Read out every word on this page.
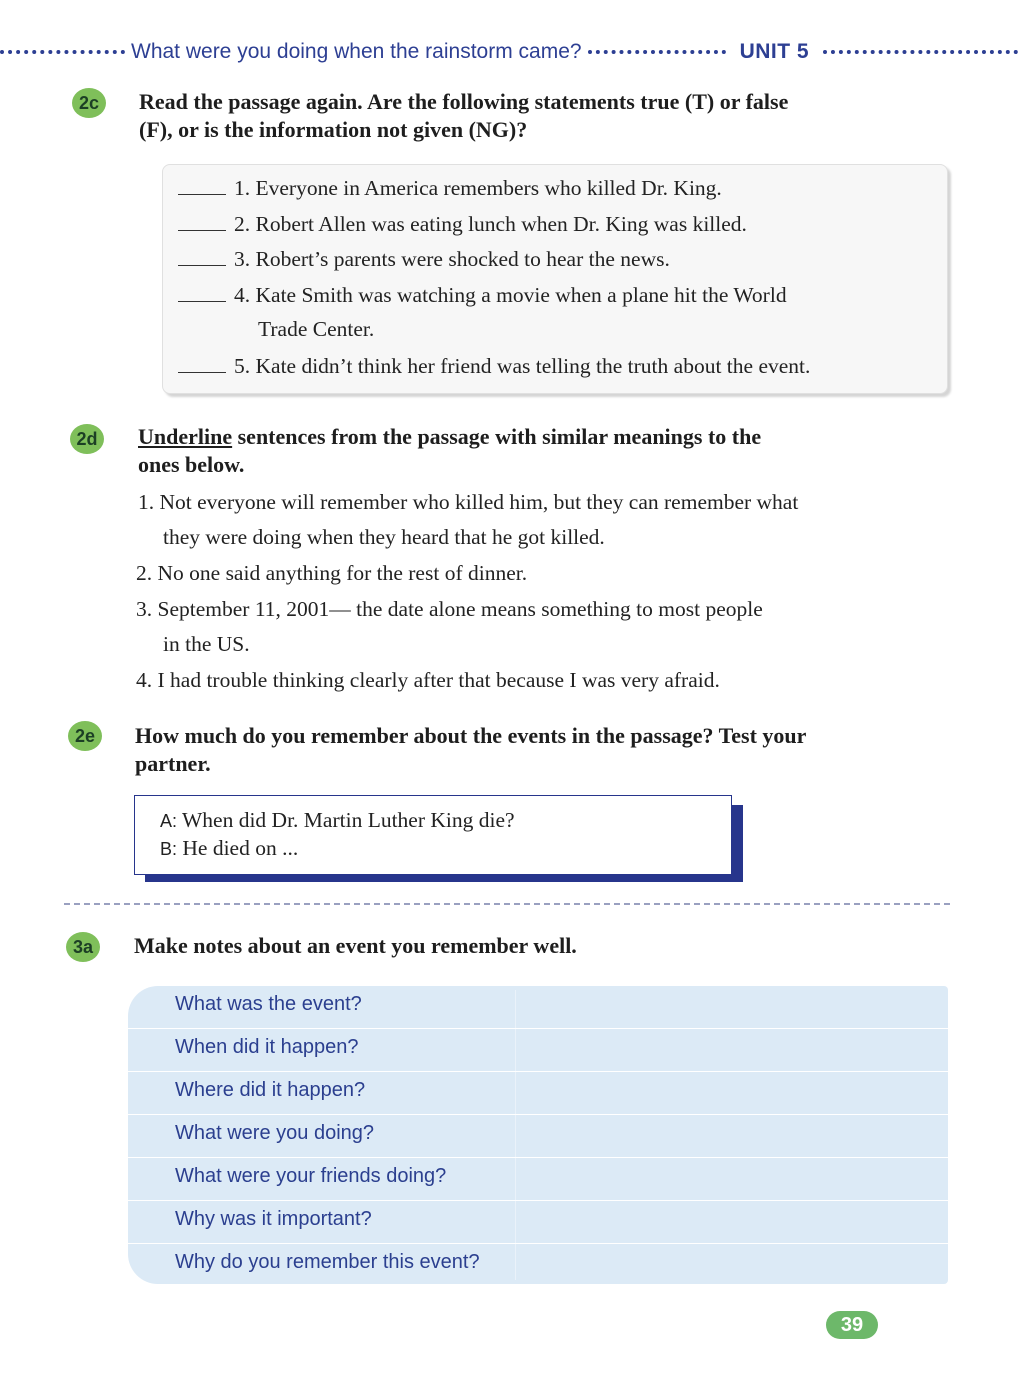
What were you doing when the rainstorm came?	UNIT 5
2c	Read the passage again. Are the following statements true (T) or false
(F), or is the information not given (NG)?
1. Everyone in America remembers who killed Dr. King.
2. Robert Allen was eating lunch when Dr. King was killed.
3. Robert’s parents were shocked to hear the news.
4. Kate Smith was watching a movie when a plane hit the World
Trade Center.
5. Kate didn’t think her friend was telling the truth about the event.
2d Underline sentences from the passage with similar meanings to the
ones below.
1. Not everyone will remember who killed him, but they can remember what
they were doing when they heard that he got killed.
2. No one said anything for the rest of dinner.
3. September 11, 2001— the date alone means something to most people
in the US.
4. I had trouble thinking clearly after that because I was very afraid.
2e	How much do you remember about the events in the passage? Test your
partner.
A: When did Dr. Martin Luther King die?
B: He died on ...
3a	Make notes about an event you remember well.
What was the event?
When did it happen?
Where did it happen?
What were you doing?
What were your friends doing?
Why was it important?
Why do you remember this event?
39
